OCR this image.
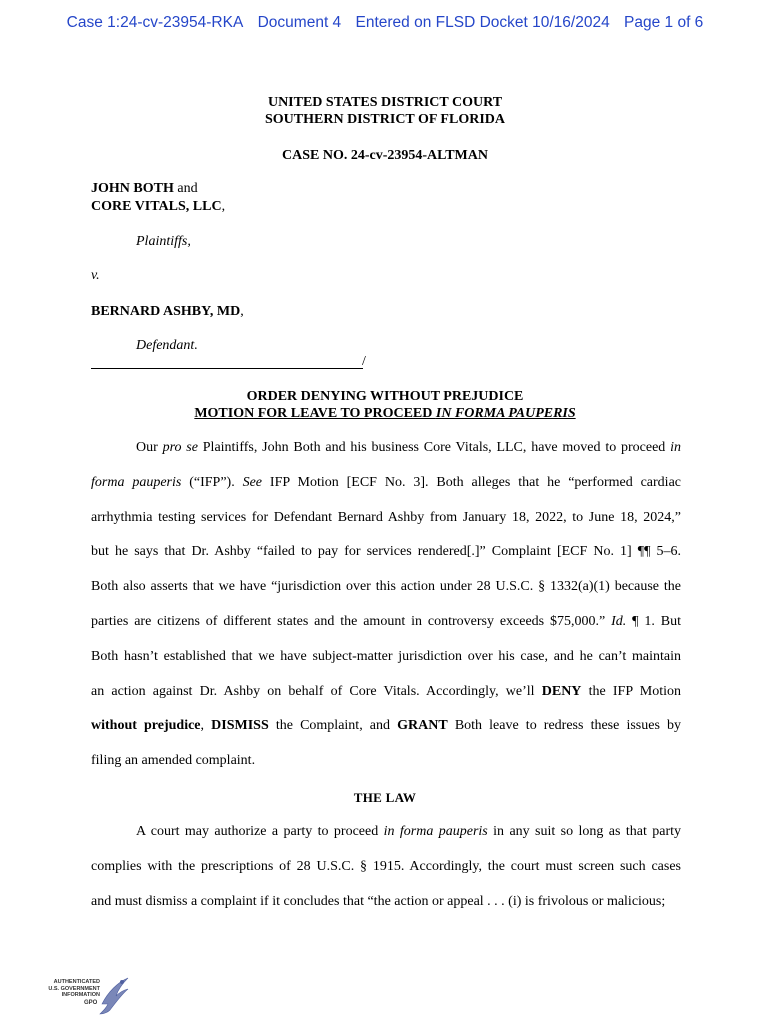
Case 1:24-cv-23954-RKA Document 4 Entered on FLSD Docket 10/16/2024 Page 1 of 6
UNITED STATES DISTRICT COURT
SOUTHERN DISTRICT OF FLORIDA
CASE NO. 24-cv-23954-ALTMAN
JOHN BOTH and
CORE VITALS, LLC,
Plaintiffs,
v.
BERNARD ASHBY, MD,
Defendant.
/
ORDER DENYING WITHOUT PREJUDICE
MOTION FOR LEAVE TO PROCEED IN FORMA PAUPERIS
Our pro se Plaintiffs, John Both and his business Core Vitals, LLC, have moved to proceed in
forma pauperis (“IFP”). See IFP Motion [ECF No. 3]. Both alleges that he “performed cardiac
arrhythmia testing services for Defendant Bernard Ashby from January 18, 2022, to June 18, 2024,”
but he says that Dr. Ashby “failed to pay for services rendered[.]” Complaint [ECF No. 1] ¶¶ 5–6.
Both also asserts that we have “jurisdiction over this action under 28 U.S.C. § 1332(a)(1) because the
parties are citizens of different states and the amount in controversy exceeds $75,000.” Id. ¶ 1. But
Both hasn’t established that we have subject-matter jurisdiction over his case, and he can’t maintain
an action against Dr. Ashby on behalf of Core Vitals. Accordingly, we’ll DENY the IFP Motion
without prejudice, DISMISS the Complaint, and GRANT Both leave to redress these issues by
filing an amended complaint.
THE LAW
A court may authorize a party to proceed in forma pauperis in any suit so long as that party
complies with the prescriptions of 28 U.S.C. § 1915. Accordingly, the court must screen such cases
and must dismiss a complaint if it concludes that “the action or appeal . . . (i) is frivolous or malicious;
AUTHENTICATED U.S. GOVERNMENT INFORMATION
GPO
